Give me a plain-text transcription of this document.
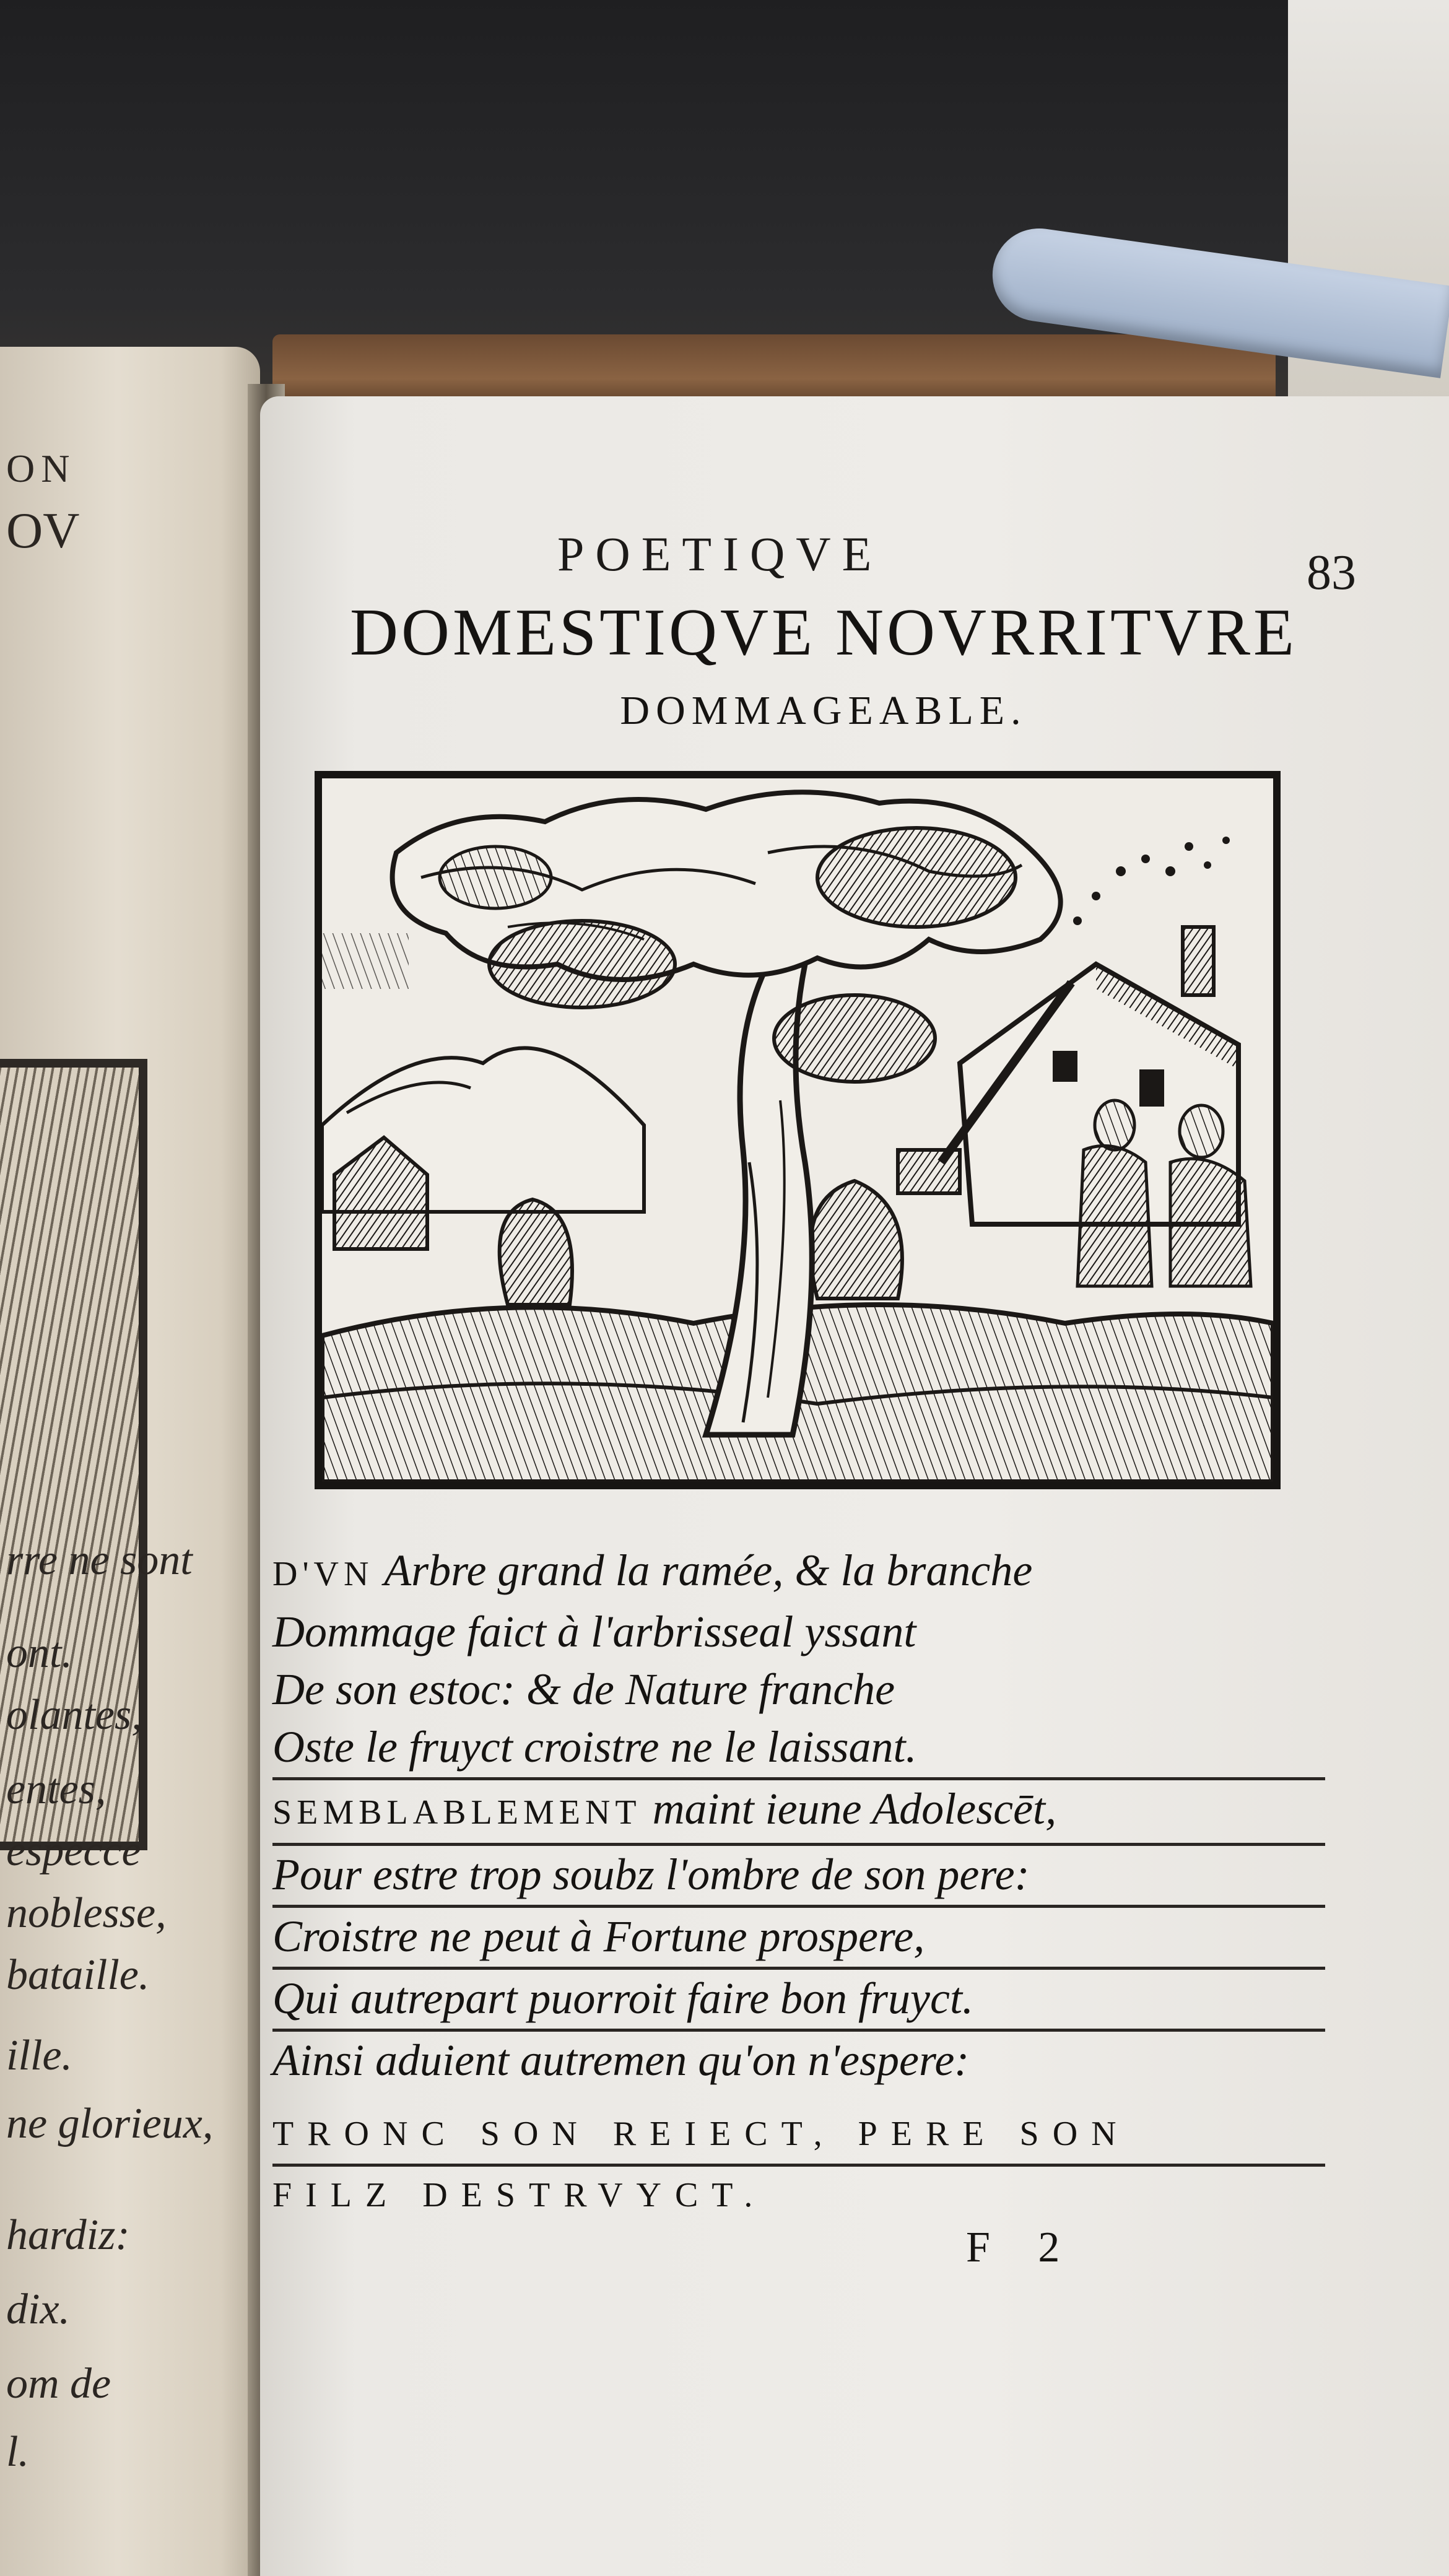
ON
OV
rre ne sont
ont.
olantes,
entes,
especce
noblesse,
bataille.
ille.
ne glorieux,
hardiz:
dix.
om de
l.
POETIQVE	83
DOMESTIQVE NOVRRITVRE
DOMMAGEABLE.
D'VN Arbre grand la ramée, & la branche
Dommage faict à l'arbrisseal yssant
De son estoc: & de Nature franche
Oste le fruyct croistre ne le laissant.
SEMBLABLEMENT maint ieune Adolescēt,
Pour estre trop soubz l'ombre de son pere:
Croistre ne peut à Fortune prospere,
Qui autrepart puorroit faire bon fruyct.
Ainsi aduient autremen qu'on n'espere:
TRONC SON REIECT, PERE SON
FILZ DESTRVYCT.
F 2
